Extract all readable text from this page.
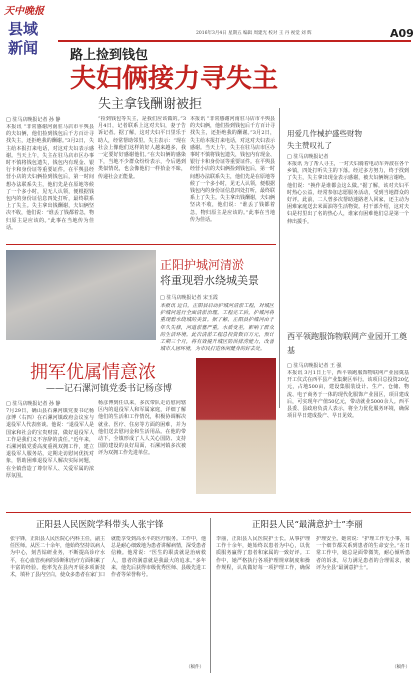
天中晚报
县域新闻
2016年3月4日 星期五 编辑 周建光 校对 王 丹 视觉 刘 辉	A09
路上捡到钱包
夫妇俩接力寻失主
失主拿钱酬谢被拒
□ 驻马店晚报记者 孙 静
本报讯 “非常感谢河南驻马店市平舆县的夫妇俩，他们捡到钱包后千方百计寻找失主，还拒绝我的酬谢。”3月2日，失主给本报打来电话，对这对夫妇表示感谢。当天上午，失主在驻马店市区办事时不慎将钱包遗失，钱包内有现金、银行卡和身份证等重要证件。在平舆县经营小店的夫妇俩捡到钱包后，第一时间想办法联系失主，他们先是在原地等候了一个多小时，见无人认领，便根据钱包内的身份证信息四处打听，最终联系上了失主。失主拿出钱酬谢，夫妇俩坚决不收，他们说：“谁丢了钱都着急，物归原主是应该的。”此事在当地传为佳话。
“捡到钱包等失主，是我们应该做的。”3月4日，记者联系上这对夫妇，妻子告诉记者。据了解，这对夫妇平日里乐于助人，经常帮助邻里。失主表示：“现在社会上像他们这样的好人越来越多，我一定要好好感谢他们。”在夫妇俩的感染下，当地不少群众纷纷表示，今后遇到类似情况，也会像他们一样拾金不昧，传递社会正能量。
本报讯 “非常感谢河南驻马店市平舆县的夫妇俩，他们捡到钱包后千方百计寻找失主，还拒绝我的酬谢。”3月2日，失主给本报打来电话，对这对夫妇表示感谢。当天上午，失主在驻马店市区办事时不慎将钱包遗失，钱包内有现金、银行卡和身份证等重要证件。在平舆县经营小店的夫妇俩捡到钱包后，第一时间想办法联系失主，他们先是在原地等候了一个多小时，见无人认领，便根据钱包内的身份证信息四处打听，最终联系上了失主。失主拿出钱酬谢，夫妇俩坚决不收，他们说：“谁丢了钱都着急，物归原主是应该的。”此事在当地传为佳话。
用爱几作械护盛些财物
失主赞叹礼了
□ 驻马店晚报记者
本报讯 为了帮人寻主，一对夫妇骑着电动车奔波在各个乡镇，四处打听失主的下落。经过多方努力，终于找到了失主，失主拿出现金表示感谢，被夫妇俩婉言谢绝。他们说：“换作是谁都会这么做。”据了解，该对夫妇平时热心公益，经常参加志愿服务活动，受到当地群众的好评。此前，二人曾多次帮助迷路老人回家，还主动为困难家庭送去米面油等生活物资。村干部介绍，这对夫妇是村里出了名的热心人，谁家有困难他们总是第一个伸出援手。
正阳护城河清淤
将重现碧水绕城美景
□ 驻马店晚报记者 宋玉霞
本报讯 近日，正阳县启动护城河清淤工程，对城区护城河进行全面清淤治理。工程完工后，护城河将重现碧水绕城的美景。据了解，正阳县护城河由于年久失修，河道淤塞严重，水质变差，影响了群众的生活环境。此次清淤工程总投资数百万元，预计工期三个月，将有效提升城区防洪排涝能力，改善城市人居环境，为市民打造休闲健身的好去处。
拥军优属情意浓
——记石漯河镇党委书记杨彦博
□ 驻马店晚报记者 孙 静
7月29日，确山县石漯河镇党委书记杨彦博（右四）在石漯河镇政府会议室与退役军人代表座谈。他说：“退役军人是国家和社会的宝贵财富，做好退役军人工作是我们义不容辞的责任。”近年来，石漯河镇党委高度重视双拥工作，建立退役军人服务站，定期走访慰问优抚对象，帮助困难退役军人解决实际问题，在全镇营造了尊崇军人、关爱军属的浓厚氛围。
杨彦博到任以来，多次带队走访慰问辖区内的退役军人和军属家庭，详细了解他们的生活和工作情况，积极协调解决就业、医疗、住房等方面的困难，并为他们送去慰问金和生活用品。在他的带动下，全镇形成了人人关心国防、支持国防建设的良好局面，石漯河镇多次被评为双拥工作先进单位。
西平领跑服饰物联网产业园开工奠基
□ 驻马店晚报记者 王 强
本报讯 3月1日上午，西平领跑服饰物联网产业园奠基开工仪式在西平县产业集聚区举行。该项目总投资20亿元，占地500亩，建设集服装设计、生产、仓储、物流、电子商务于一体的现代化服饰产业园区，项目建成后，可实现年产值50亿元，带动就业5000余人。西平县委、县政府负责人表示，将全力优化服务环境，确保项目早日建成投产、早日见效。
正阳县人民医院学科带头人张宇锋
张宇锋，正阳县人民医院心内科主任，副主任医师。从医二十余年，他始终坚持以病人为中心，刻苦钻研业务，不断提高诊疗水平，在心血管疾病的诊断和治疗方面积累了丰富的经验。他率先在县内开展多项新技术，填补了县内空白，使众多患者在家门口就能享受到高水平的医疗服务。工作中，他总是耐心细致地为患者讲解病情，深受患者信赖。他常说：“医生的职责就是治病救人，患者的满意就是我最大的追求。”多年来，他先后获得市级优秀医师、县级先进工作者等荣誉称号。
（稿件）
正阳县人民“最满意护士”李丽
李丽，正阳县人民医院护士长。从事护理工作十余年，她始终以患者为中心，以优质服务赢得了患者和家属的一致好评。工作中，她严格执行各项护理规章制度和操作规程，认真做好每一项护理工作，确保护理安全。她常说：“护理工作无小事，每一个细节都关系到患者的生命安全。”在日常工作中，她总是面带微笑，耐心倾听患者的诉求，尽力满足患者的合理需求，被评为全县“最满意护士”。
（稿件）
